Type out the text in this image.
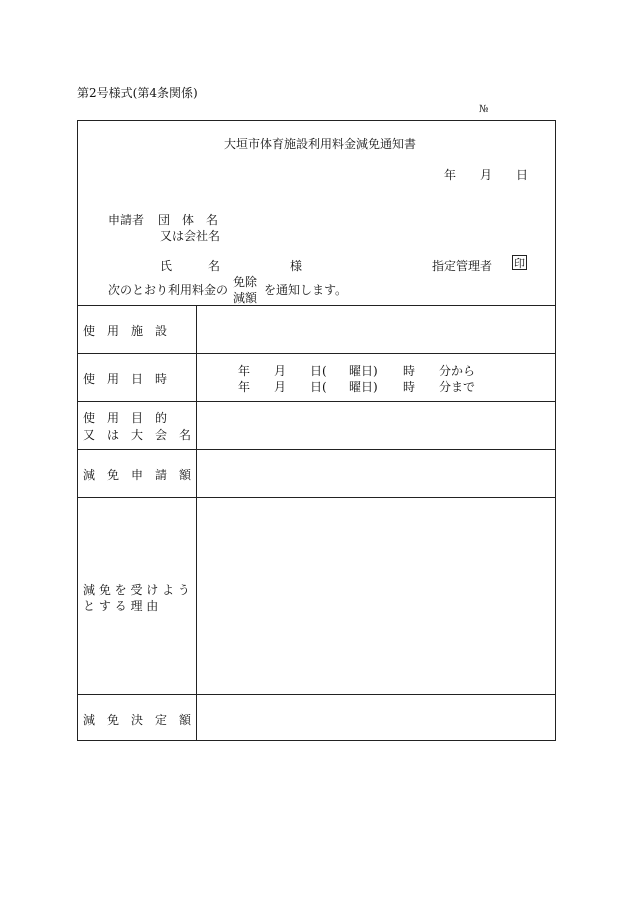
第2号様式(第4条関係)
№
大垣市体育施設利用料金減免通知書
年 月 日
申請者 団　体　名
又は会社名
氏　　　名	様	指定管理者 印
次のとおり利用料金の
免除
減額
を通知します。
使　用　施　設
使　用　日　時
年 月 日( 曜日) 時 分から
年 月 日( 曜日) 時 分まで
使　用　目　的
又　は　大　会　名
減　免　申　請　額
減 免 を 受 け よ う
と す る 理 由
減　免　決　定　額
